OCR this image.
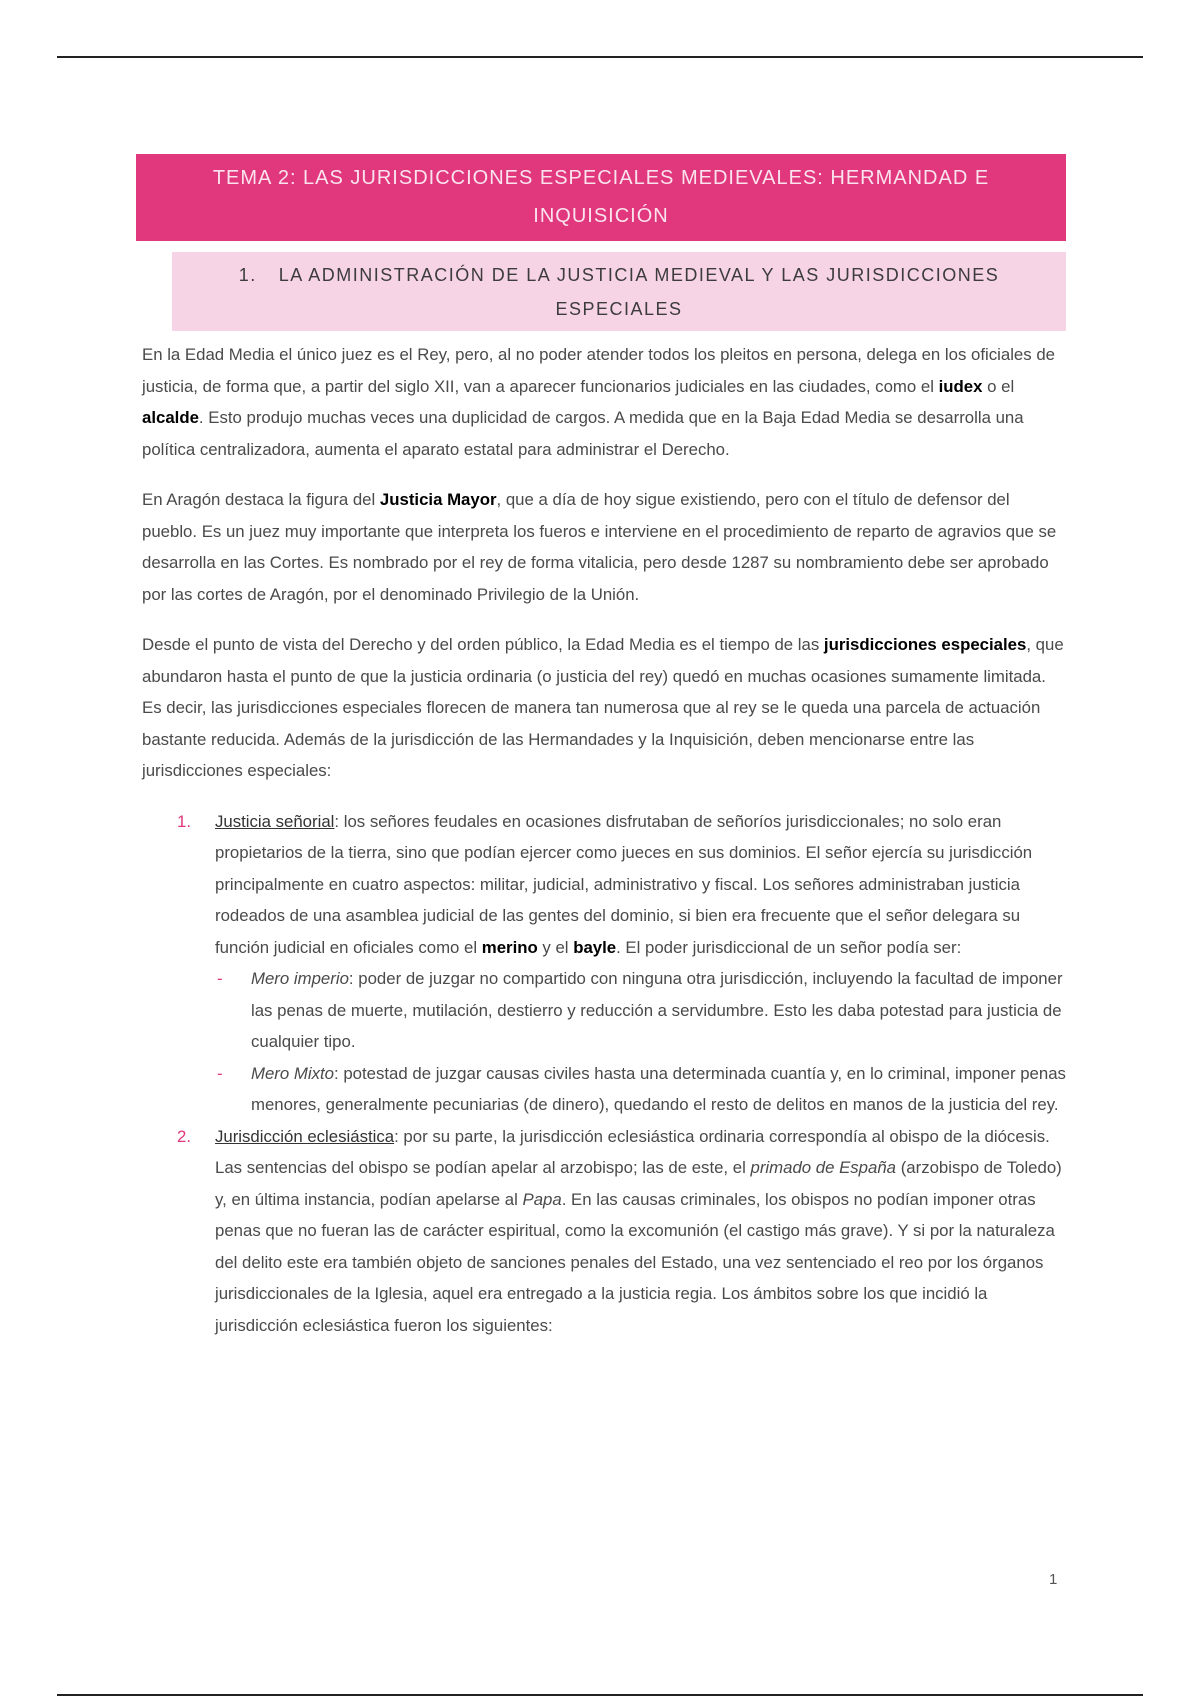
TEMA 2: LAS JURISDICCIONES ESPECIALES MEDIEVALES: HERMANDAD E INQUISICIÓN
1. LA ADMINISTRACIÓN DE LA JUSTICIA MEDIEVAL Y LAS JURISDICCIONES ESPECIALES

En la Edad Media el único juez es el Rey, pero, al no poder atender todos los pleitos en persona, delega en los oficiales de justicia, de forma que, a partir del siglo XII, van a aparecer funcionarios judiciales en las ciudades, como el iudex o el alcalde. Esto produjo muchas veces una duplicidad de cargos. A medida que en la Baja Edad Media se desarrolla una política centralizadora, aumenta el aparato estatal para administrar el Derecho.

En Aragón destaca la figura del Justicia Mayor, que a día de hoy sigue existiendo, pero con el título de defensor del pueblo. Es un juez muy importante que interpreta los fueros e interviene en el procedimiento de reparto de agravios que se desarrolla en las Cortes. Es nombrado por el rey de forma vitalicia, pero desde 1287 su nombramiento debe ser aprobado por las cortes de Aragón, por el denominado Privilegio de la Unión.

Desde el punto de vista del Derecho y del orden público, la Edad Media es el tiempo de las jurisdicciones especiales, que abundaron hasta el punto de que la justicia ordinaria (o justicia del rey) quedó en muchas ocasiones sumamente limitada. Es decir, las jurisdicciones especiales florecen de manera tan numerosa que al rey se le queda una parcela de actuación bastante reducida. Además de la jurisdicción de las Hermandades y la Inquisición, deben mencionarse entre las jurisdicciones especiales:

1. Justicia señorial: los señores feudales en ocasiones disfrutaban de señoríos jurisdiccionales; no solo eran propietarios de la tierra, sino que podían ejercer como jueces en sus dominios. El señor ejercía su jurisdicción principalmente en cuatro aspectos: militar, judicial, administrativo y fiscal. Los señores administraban justicia rodeados de una asamblea judicial de las gentes del dominio, si bien era frecuente que el señor delegara su función judicial en oficiales como el merino y el bayle. El poder jurisdiccional de un señor podía ser:
- Mero imperio: poder de juzgar no compartido con ninguna otra jurisdicción, incluyendo la facultad de imponer las penas de muerte, mutilación, destierro y reducción a servidumbre. Esto les daba potestad para justicia de cualquier tipo.
- Mero Mixto: potestad de juzgar causas civiles hasta una determinada cuantía y, en lo criminal, imponer penas menores, generalmente pecuniarias (de dinero), quedando el resto de delitos en manos de la justicia del rey.
2. Jurisdicción eclesiástica: por su parte, la jurisdicción eclesiástica ordinaria correspondía al obispo de la diócesis. Las sentencias del obispo se podían apelar al arzobispo; las de este, el primado de España (arzobispo de Toledo) y, en última instancia, podían apelarse al Papa. En las causas criminales, los obispos no podían imponer otras penas que no fueran las de carácter espiritual, como la excomunión (el castigo más grave). Y si por la naturaleza del delito este era también objeto de sanciones penales del Estado, una vez sentenciado el reo por los órganos jurisdiccionales de la Iglesia, aquel era entregado a la justicia regia. Los ámbitos sobre los que incidió la jurisdicción eclesiástica fueron los siguientes:
1
